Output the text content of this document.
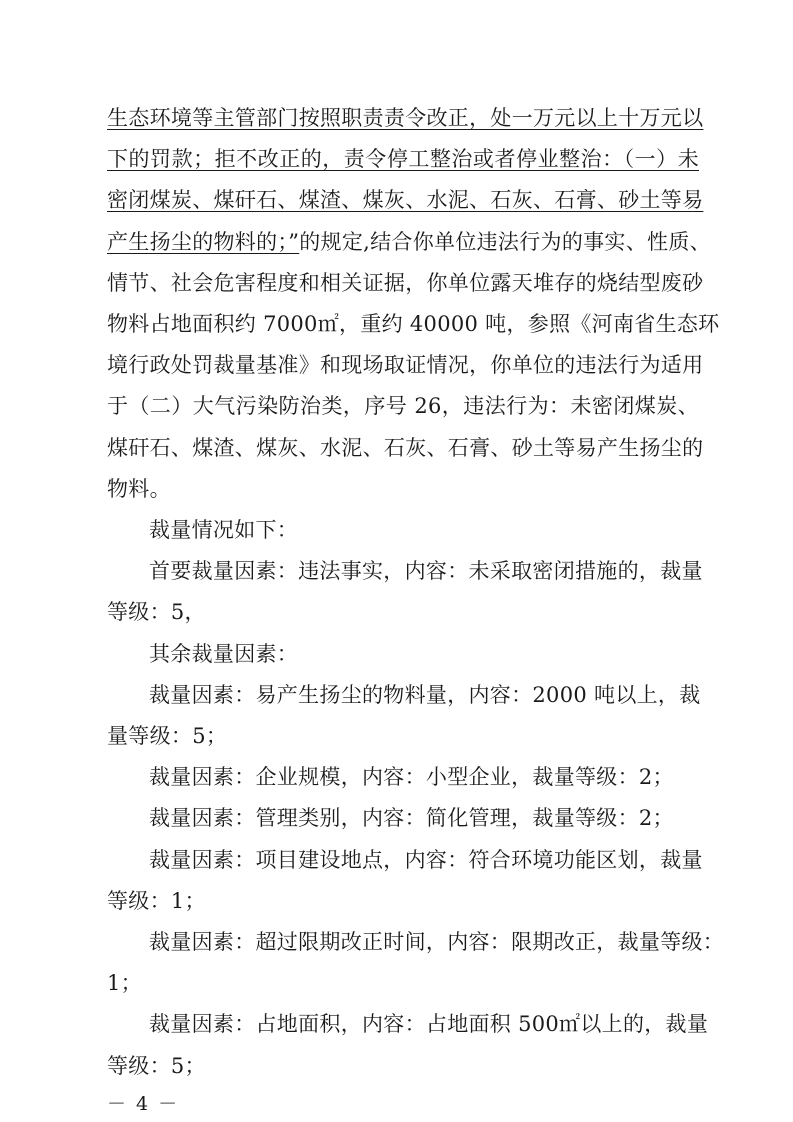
生态环境等主管部门按照职责责令改正，处一万元以上十万元以
下的罚款；拒不改正的，责令停工整治或者停业整治：（一）未
密闭煤炭、煤矸石、煤渣、煤灰、水泥、石灰、石膏、砂土等易
产生扬尘的物料的；”的规定,结合你单位违法行为的事实、性质、
情节、社会危害程度和相关证据，你单位露天堆存的烧结型废砂
物料占地面积约 7000㎡，重约 40000 吨，参照《河南省生态环
境行政处罚裁量基准》和现场取证情况，你单位的违法行为适用
于（二）大气污染防治类，序号 26，违法行为：未密闭煤炭、
煤矸石、煤渣、煤灰、水泥、石灰、石膏、砂土等易产生扬尘的
物料。
裁量情况如下：
首要裁量因素：违法事实，内容：未采取密闭措施的，裁量
等级：5，
其余裁量因素：
裁量因素：易产生扬尘的物料量，内容：2000 吨以上，裁
量等级：5；
裁量因素：企业规模，内容：小型企业，裁量等级：2；
裁量因素：管理类别，内容：简化管理，裁量等级：2；
裁量因素：项目建设地点，内容：符合环境功能区划，裁量
等级：1；
裁量因素：超过限期改正时间，内容：限期改正，裁量等级：
1；
裁量因素：占地面积，内容：占地面积 500㎡以上的，裁量
等级：5；
－ 4 －
